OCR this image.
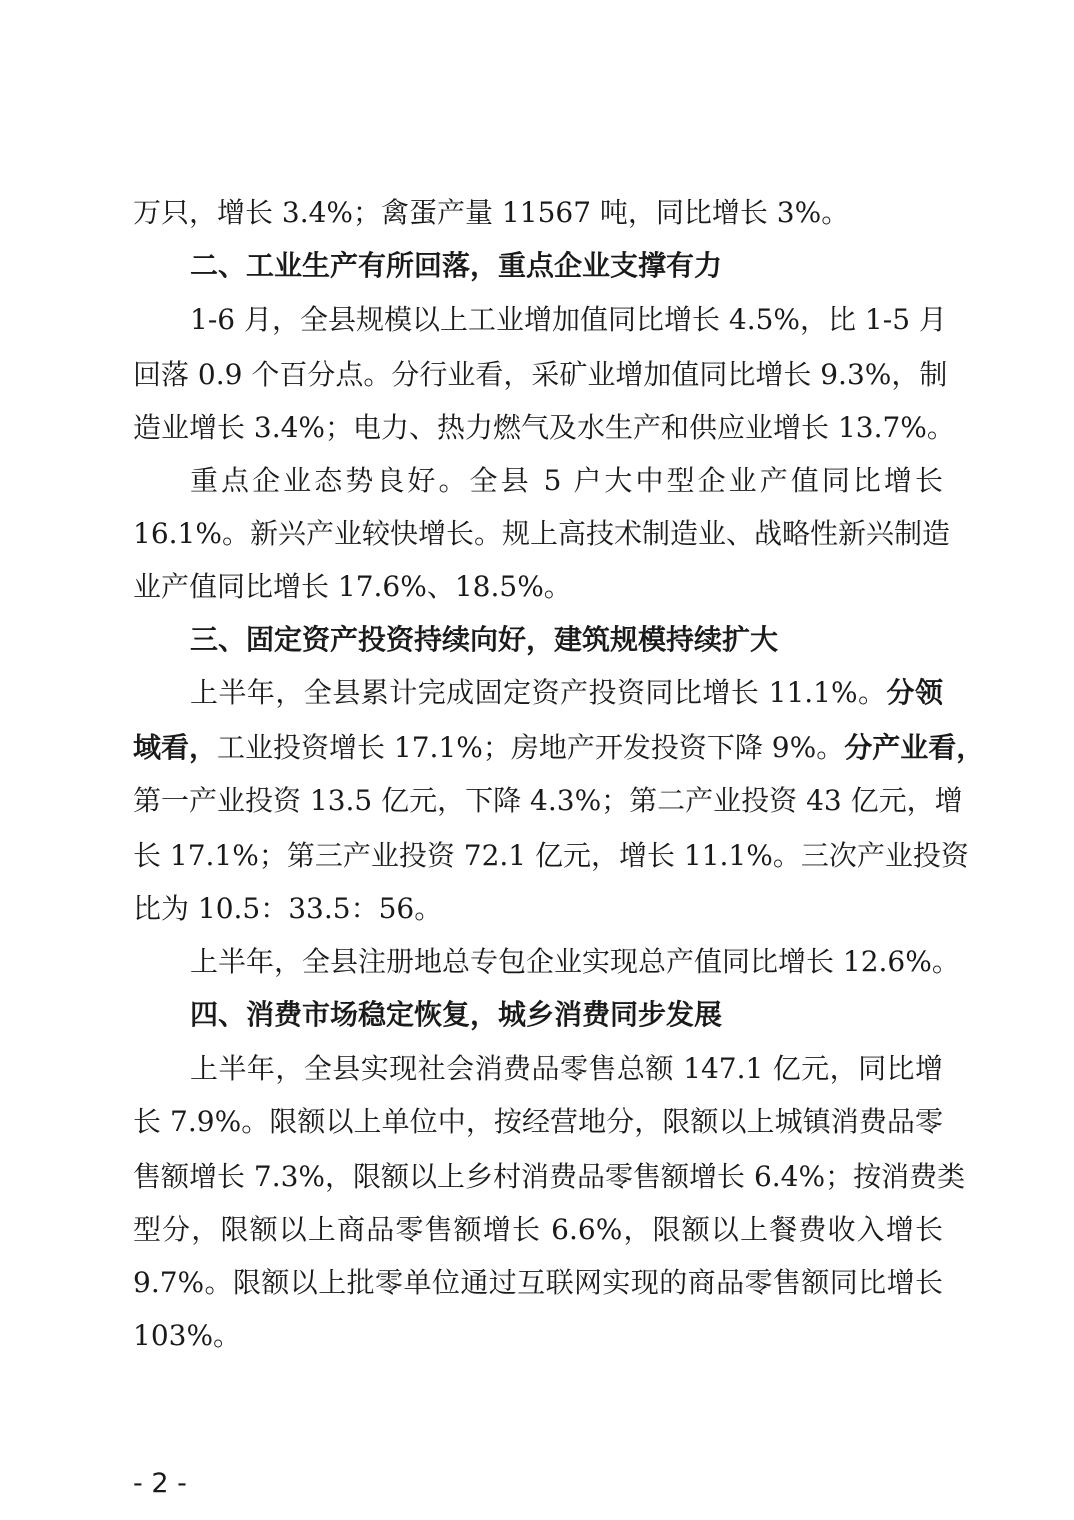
万只，增长 3.4%；禽蛋产量 11567 吨，同比增长 3%。
二、工业生产有所回落，重点企业支撑有力
1-6 月，全县规模以上工业增加值同比增长 4.5%，比 1-5 月
回落 0.9 个百分点。分行业看，采矿业增加值同比增长 9.3%，制
造业增长 3.4%；电力、热力燃气及水生产和供应业增长 13.7%。
重点企业态势良好。全县 5 户大中型企业产值同比增长
16.1%。新兴产业较快增长。规上高技术制造业、战略性新兴制造
业产值同比增长 17.6%、18.5%。
三、固定资产投资持续向好，建筑规模持续扩大
上半年，全县累计完成固定资产投资同比增长 11.1%。分领
域看，工业投资增长 17.1%；房地产开发投资下降 9%。分产业看，
第一产业投资 13.5 亿元，下降 4.3%；第二产业投资 43 亿元，增
长 17.1%；第三产业投资 72.1 亿元，增长 11.1%。三次产业投资
比为 10.5：33.5：56。
上半年，全县注册地总专包企业实现总产值同比增长 12.6%。
四、消费市场稳定恢复，城乡消费同步发展
上半年，全县实现社会消费品零售总额 147.1 亿元，同比增
长 7.9%。限额以上单位中，按经营地分，限额以上城镇消费品零
售额增长 7.3%，限额以上乡村消费品零售额增长 6.4%；按消费类
型分，限额以上商品零售额增长 6.6%，限额以上餐费收入增长
9.7%。限额以上批零单位通过互联网实现的商品零售额同比增长
103%。
- 2 -
